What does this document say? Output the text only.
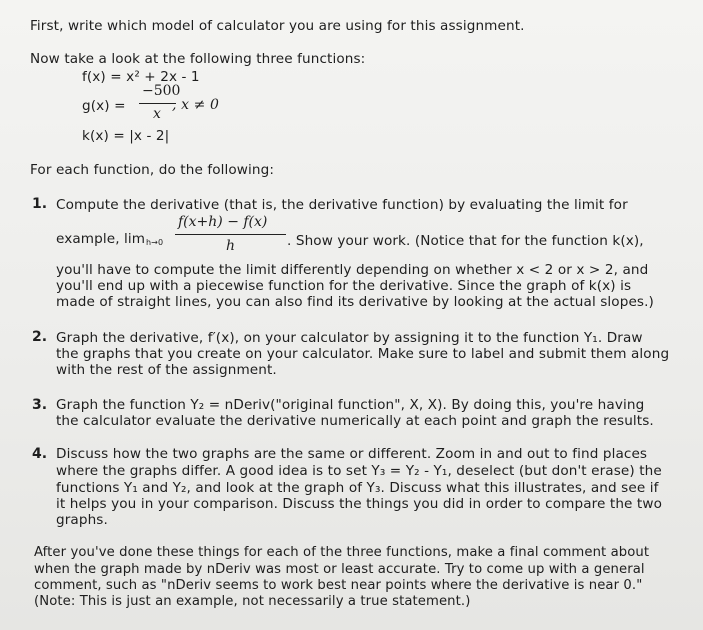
First, write which model of calculator you are using for this assignment.
Now take a look at the following three functions:
f(x) = x² + 2x - 1
g(x) =
−500
x
, x ≠ 0
k(x) = |x - 2|
For each function, do the following:
1. Compute the derivative (that is, the derivative function) by evaluating the limit for
example, lim h→0
f(x+h) − f(x)
h	. Show your work. (Notice that for the function k(x),
you'll have to compute the limit differently depending on whether x < 2 or x > 2, and
you'll end up with a piecewise function for the derivative. Since the graph of k(x) is
made of straight lines, you can also find its derivative by looking at the actual slopes.)
2. Graph the derivative, f′(x), on your calculator by assigning it to the function Y₁. Draw
the graphs that you create on your calculator. Make sure to label and submit them along
with the rest of the assignment.
3. Graph the function Y₂ = nDeriv("original function", X, X). By doing this, you're having
the calculator evaluate the derivative numerically at each point and graph the results.
4. Discuss how the two graphs are the same or different. Zoom in and out to find places
where the graphs differ. A good idea is to set Y₃ = Y₂ - Y₁, deselect (but don't erase) the
functions Y₁ and Y₂, and look at the graph of Y₃. Discuss what this illustrates, and see if
it helps you in your comparison. Discuss the things you did in order to compare the two
graphs.
After you've done these things for each of the three functions, make a final comment about
when the graph made by nDeriv was most or least accurate. Try to come up with a general
comment, such as "nDeriv seems to work best near points where the derivative is near 0."
(Note: This is just an example, not necessarily a true statement.)
